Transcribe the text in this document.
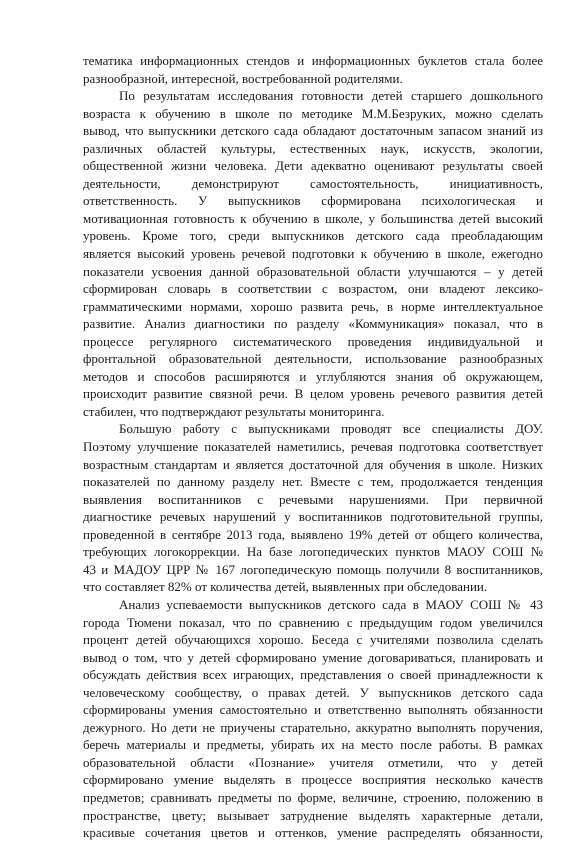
тематика информационных стендов и информационных буклетов стала более
разнообразной, интересной, востребованной родителями.

По результатам исследования готовности детей старшего дошкольного
возраста к обучению в школе по методике М.М.Безруких, можно сделать
вывод, что выпускники детского сада обладают достаточным запасом знаний из
различных областей культуры, естественных наук, искусств, экологии,
общественной жизни человека. Дети адекватно оценивают результаты своей
деятельности, демонстрируют самостоятельность, инициативность,
ответственность. У выпускников сформирована психологическая и
мотивационная готовность к обучению в школе, у большинства детей высокий
уровень. Кроме того, среди выпускников детского сада преобладающим
является высокий уровень речевой подготовки к обучению в школе, ежегодно
показатели усвоения данной образовательной области улучшаются – у детей
сформирован словарь в соответствии с возрастом, они владеют лексико-
грамматическими нормами, хорошо развита речь, в норме интеллектуальное
развитие. Анализ диагностики по разделу «Коммуникация» показал, что в
процессе регулярного систематического проведения индивидуальной и
фронтальной образовательной деятельности, использование разнообразных
методов и способов расширяются и углубляются знания об окружающем,
происходит развитие связной речи. В целом уровень речевого развития детей
стабилен, что подтверждают результаты мониторинга.

Большую работу с выпускниками проводят все специалисты ДОУ.
Поэтому улучшение показателей наметились, речевая подготовка соответствует
возрастным стандартам и является достаточной для обучения в школе. Низких
показателей по данному разделу нет. Вместе с тем, продолжается тенденция
выявления воспитанников с речевыми нарушениями. При первичной
диагностике речевых нарушений у воспитанников подготовительной группы,
проведенной в сентябре 2013 года, выявлено 19% детей от общего количества,
требующих логокоррекции. На базе логопедических пунктов МАОУ СОШ №
43 и МАДОУ ЦРР № 167 логопедическую помощь получили 8 воспитанников,
что составляет 82% от количества детей, выявленных при обследовании.

Анализ успеваемости выпускников детского сада в МАОУ СОШ № 43
города Тюмени показал, что по сравнению с предыдущим годом увеличился
процент детей обучающихся хорошо. Беседа с учителями позволила сделать
вывод о том, что у детей сформировано умение договариваться, планировать и
обсуждать действия всех играющих, представления о своей принадлежности к
человеческому сообществу, о правах детей. У выпускников детского сада
сформированы умения самостоятельно и ответственно выполнять обязанности
дежурного. Но дети не приучены старательно, аккуратно выполнять поручения,
беречь материалы и предметы, убирать их на место после работы. В рамках
образовательной области «Познание» учителя отметили, что у детей
сформировано умение выделять в процессе восприятия несколько качеств
предметов; сравнивать предметы по форме, величине, строению, положению в
пространстве, цвету; вызывает затруднение выделять характерные детали,
красивые сочетания цветов и оттенков, умение распределять обязанности,
